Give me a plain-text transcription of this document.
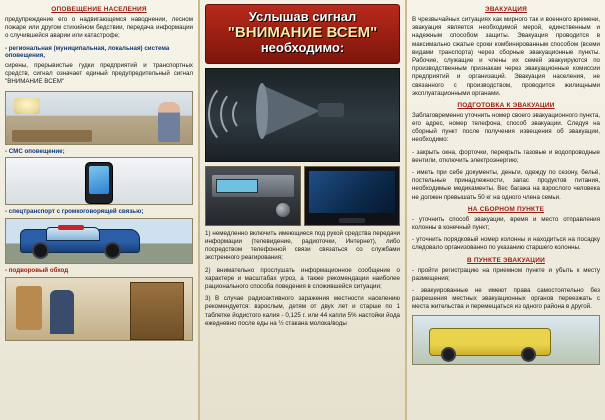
ОПОВЕЩЕНИЕ НАСЕЛЕНИЯ

предупреждение его о надвигающемся наводнении, лесном пожаре или другом стихийном бедствии, передача информации о случившейся аварии или катастрофе;

- региональная (муниципальная, локальная) система оповещения,

сирены, прерывистые гудки предприятий и транспортных средств, сигнал означает единый предупредительный сигнал "ВНИМАНИЕ ВСЕМ"

- СМС оповещение;
- спецтранспорт с громкоговорящей связью;
- подворовый обход
Услышав сигнал
"ВНИМАНИЕ ВСЕМ"
необходимо:

1) немедленно включить имеющиеся под рукой средства передачи информации (телевидение, радиоточки, Интернет), либо посредством телефонной связи связаться со службами экстренного реагирования;

2) внимательно прослушать информационное сообщение о характере и масштабах угроз, а также рекомендации наиболее рационального способа поведения в сложившейся ситуации;

3) В случае радиоактивного заражения местности населению рекомендуется: взрослым, детям от двух лет и старше по 1 таблетке йодистого калия - 0,125 г. или 44 капли 5% настойки йода ежедневно после еды на ½ стакана молока/воды

ЭВАКУАЦИЯ

В чрезвычайных ситуациях как мирного так и военного времени, эвакуация является необходимой мерой, единственным и надежным способом защиты. Эвакуация проводится в максимально сжатые сроки комбинированным способом (всеми видами транспорта) через сборные эвакуационные пункты. Рабочие, служащие и члены их семей эвакуируются по производственным признакам через эвакуационные комиссии предприятий и организаций. Эвакуация населения, не связанного с производством, проводится жилищными эксплуатационными органами.

ПОДГОТОВКА К ЭВАКУАЦИИ

Заблаговременно уточнить номер своего эвакуационного пункта, его адрес, номер телефона, способ эвакуации. Следуя на сборный пункт после получения извещения об эвакуации, необходимо:

- закрыть окна, форточки, перекрыть газовые и водопроводные вентили, отключить электроэнергию;

- иметь при себе документы, деньги, одежду по сезону, бельё, постельные принадлежности, запас продуктов питания, необходимые медикаменты. Вес багажа на взрослого человека не должен превышать 50 кг на одного члена семьи.

НА СБОРНОМ ПУНКТЕ

- уточнить способ эвакуации, время и место отправления колонны в конечный пункт;

- уточнить порядковый номер колонны и находиться на посадку следовало организованно по указанию старшего колонны.

В ПУНКТЕ ЭВАКУАЦИИ

- пройти регистрацию на приемном пункте и убыть к месту размещения;

- эвакуированные не имеют права самостоятельно без разрешения местных эвакуационных органов переезжать с места жительства и перемещаться из одного района в другой.
